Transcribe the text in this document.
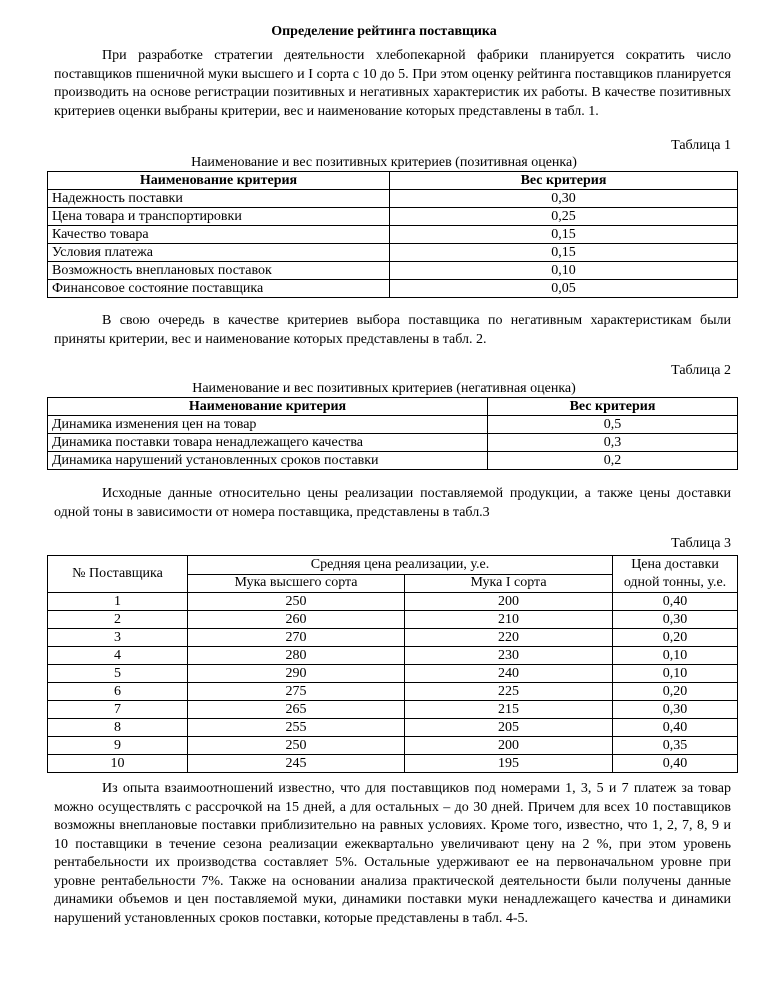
Определение рейтинга поставщика

При разработке стратегии деятельности хлебопекарной фабрики планируется сократить число поставщиков пшеничной муки высшего и I сорта с 10 до 5. При этом оценку рейтинга поставщиков планируется производить на основе регистрации позитивных и негативных характеристик их работы. В качестве позитивных критериев оценки выбраны критерии, вес и наименование которых представлены в табл. 1.

Таблица 1
Наименование и вес позитивных критериев (позитивная оценка)
Наименование критерия	Вес критерия
Надежность поставки	0,30
Цена товара и транспортировки	0,25
Качество товара	0,15
Условия платежа	0,15
Возможность внеплановых поставок	0,10
Финансовое состояние поставщика	0,05

В свою очередь в качестве критериев выбора поставщика по негативным характеристикам были приняты критерии, вес и наименование которых представлены в табл. 2.

Таблица 2
Наименование и вес позитивных критериев (негативная оценка)
Наименование критерия	Вес критерия
Динамика изменения цен на товар	0,5
Динамика поставки товара ненадлежащего качества	0,3
Динамика нарушений установленных сроков поставки	0,2

Исходные данные относительно цены реализации поставляемой продукции, а также цены доставки одной тоны в зависимости от номера поставщика, представлены в табл.3

Таблица 3
№ Поставщика	Средняя цена реализации, у.е.		Цена доставки одной тонны, у.е.
	Мука высшего сорта	Мука I сорта	
1	250	200	0,40
2	260	210	0,30
3	270	220	0,20
4	280	230	0,10
5	290	240	0,10
6	275	225	0,20
7	265	215	0,30
8	255	205	0,40
9	250	200	0,35
10	245	195	0,40

Из опыта взаимоотношений известно, что для поставщиков под номерами 1, 3, 5 и 7 платеж за товар можно осуществлять с рассрочкой на 15 дней, а для остальных – до 30 дней. Причем для всех 10 поставщиков возможны внеплановые поставки приблизительно на равных условиях. Кроме того, известно, что 1, 2, 7, 8, 9 и 10 поставщики в течение сезона реализации ежеквартально увеличивают цену на 2 %, при этом уровень рентабельности их производства составляет 5%. Остальные удерживают ее на первоначальном уровне при уровне рентабельности 7%. Также на основании анализа практической деятельности были получены данные динамики объемов и цен поставляемой муки, динамики поставки муки ненадлежащего качества и динамики нарушений установленных сроков поставки, которые представлены в табл. 4-5.
